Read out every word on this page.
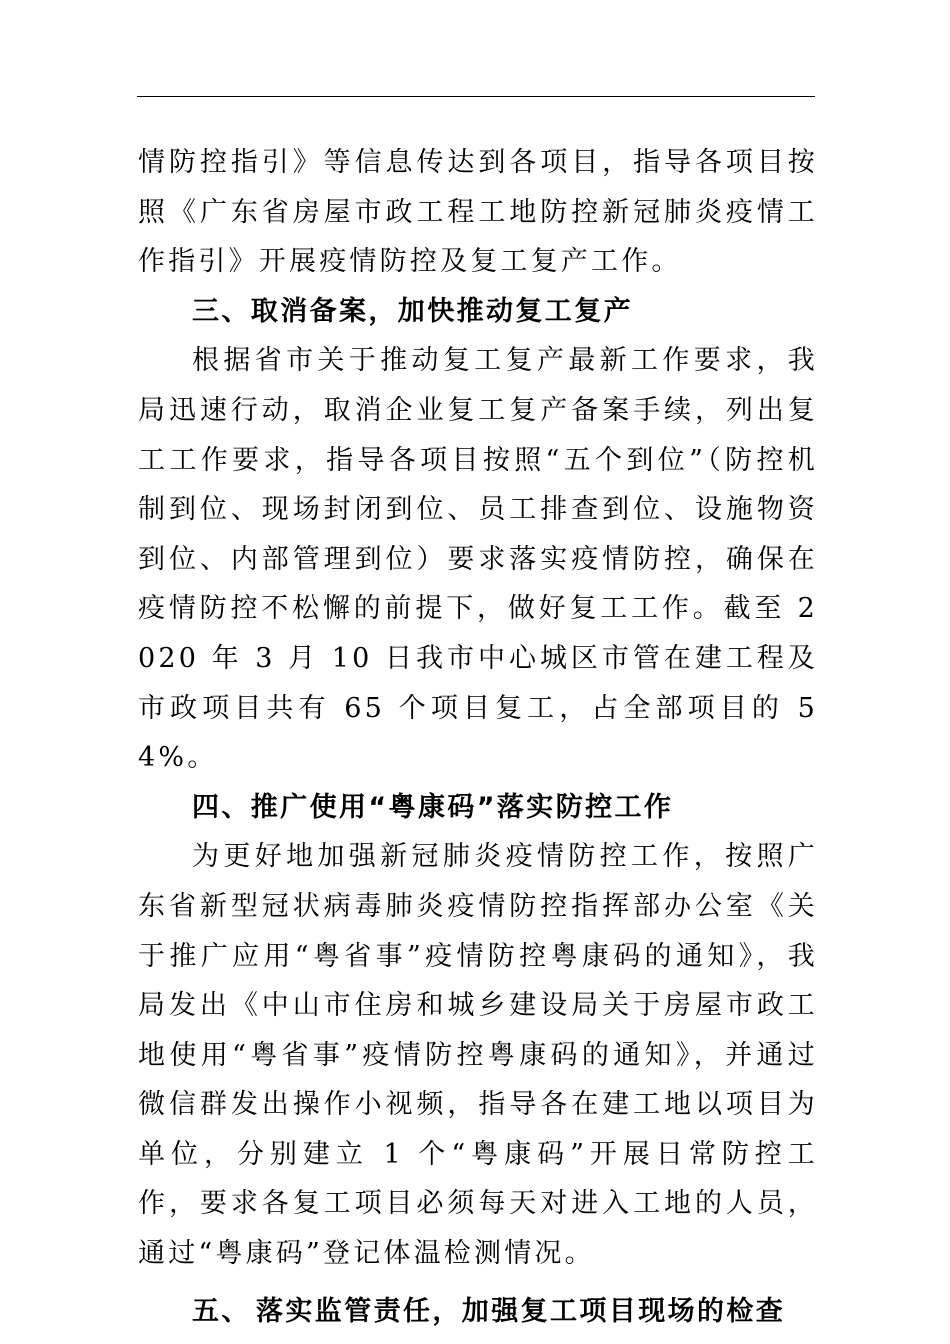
情防控指引》等信息传达到各项目，指导各项目按照《广东省房屋市政工程工地防控新冠肺炎疫情工作指引》开展疫情防控及复工复产工作。

三、取消备案，加快推动复工复产

根据省市关于推动复工复产最新工作要求，我局迅速行动，取消企业复工复产备案手续，列出复工工作要求，指导各项目按照“五个到位”（防控机制到位、现场封闭到位、员工排查到位、设施物资到位、内部管理到位）要求落实疫情防控，确保在疫情防控不松懈的前提下，做好复工工作。截至 2020 年 3 月 10 日我市中心城区市管在建工程及市政项目共有 65 个项目复工，占全部项目的 54%。

四、推广使用“粤康码”落实防控工作

为更好地加强新冠肺炎疫情防控工作，按照广东省新型冠状病毒肺炎疫情防控指挥部办公室《关于推广应用“粤省事”疫情防控粤康码的通知》，我局发出《中山市住房和城乡建设局关于房屋市政工地使用“粤省事”疫情防控粤康码的通知》，并通过微信群发出操作小视频，指导各在建工地以项目为单位，分别建立 1 个“粤康码”开展日常防控工作，要求各复工项目必须每天对进入工地的人员，通过“粤康码”登记体温检测情况。

五、 落实监管责任，加强复工项目现场的检查
